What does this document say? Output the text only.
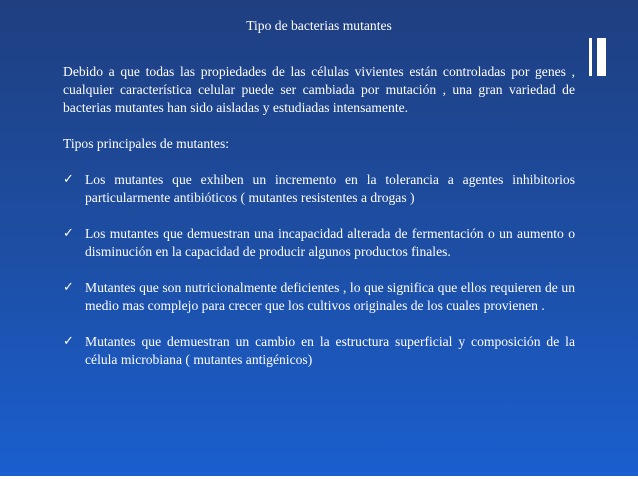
Tipo de bacterias mutantes

Debido a que todas las propiedades de las células vivientes están controladas por genes , cualquier característica celular puede ser cambiada por mutación , una gran variedad de bacterias mutantes han sido aisladas y estudiadas intensamente.

Tipos principales de mutantes:

✓ Los mutantes que exhiben un incremento en la tolerancia a agentes inhibitorios particularmente antibióticos ( mutantes resistentes a drogas )
✓ Los mutantes que demuestran una incapacidad alterada de fermentación o un aumento o disminución en la capacidad de producir algunos productos finales.
✓ Mutantes que son nutricionalmente deficientes , lo que significa que ellos requieren de un medio mas complejo para crecer que los cultivos originales de los cuales provienen .
✓ Mutantes que demuestran un cambio en la estructura superficial y composición de la célula microbiana ( mutantes antigénicos)
